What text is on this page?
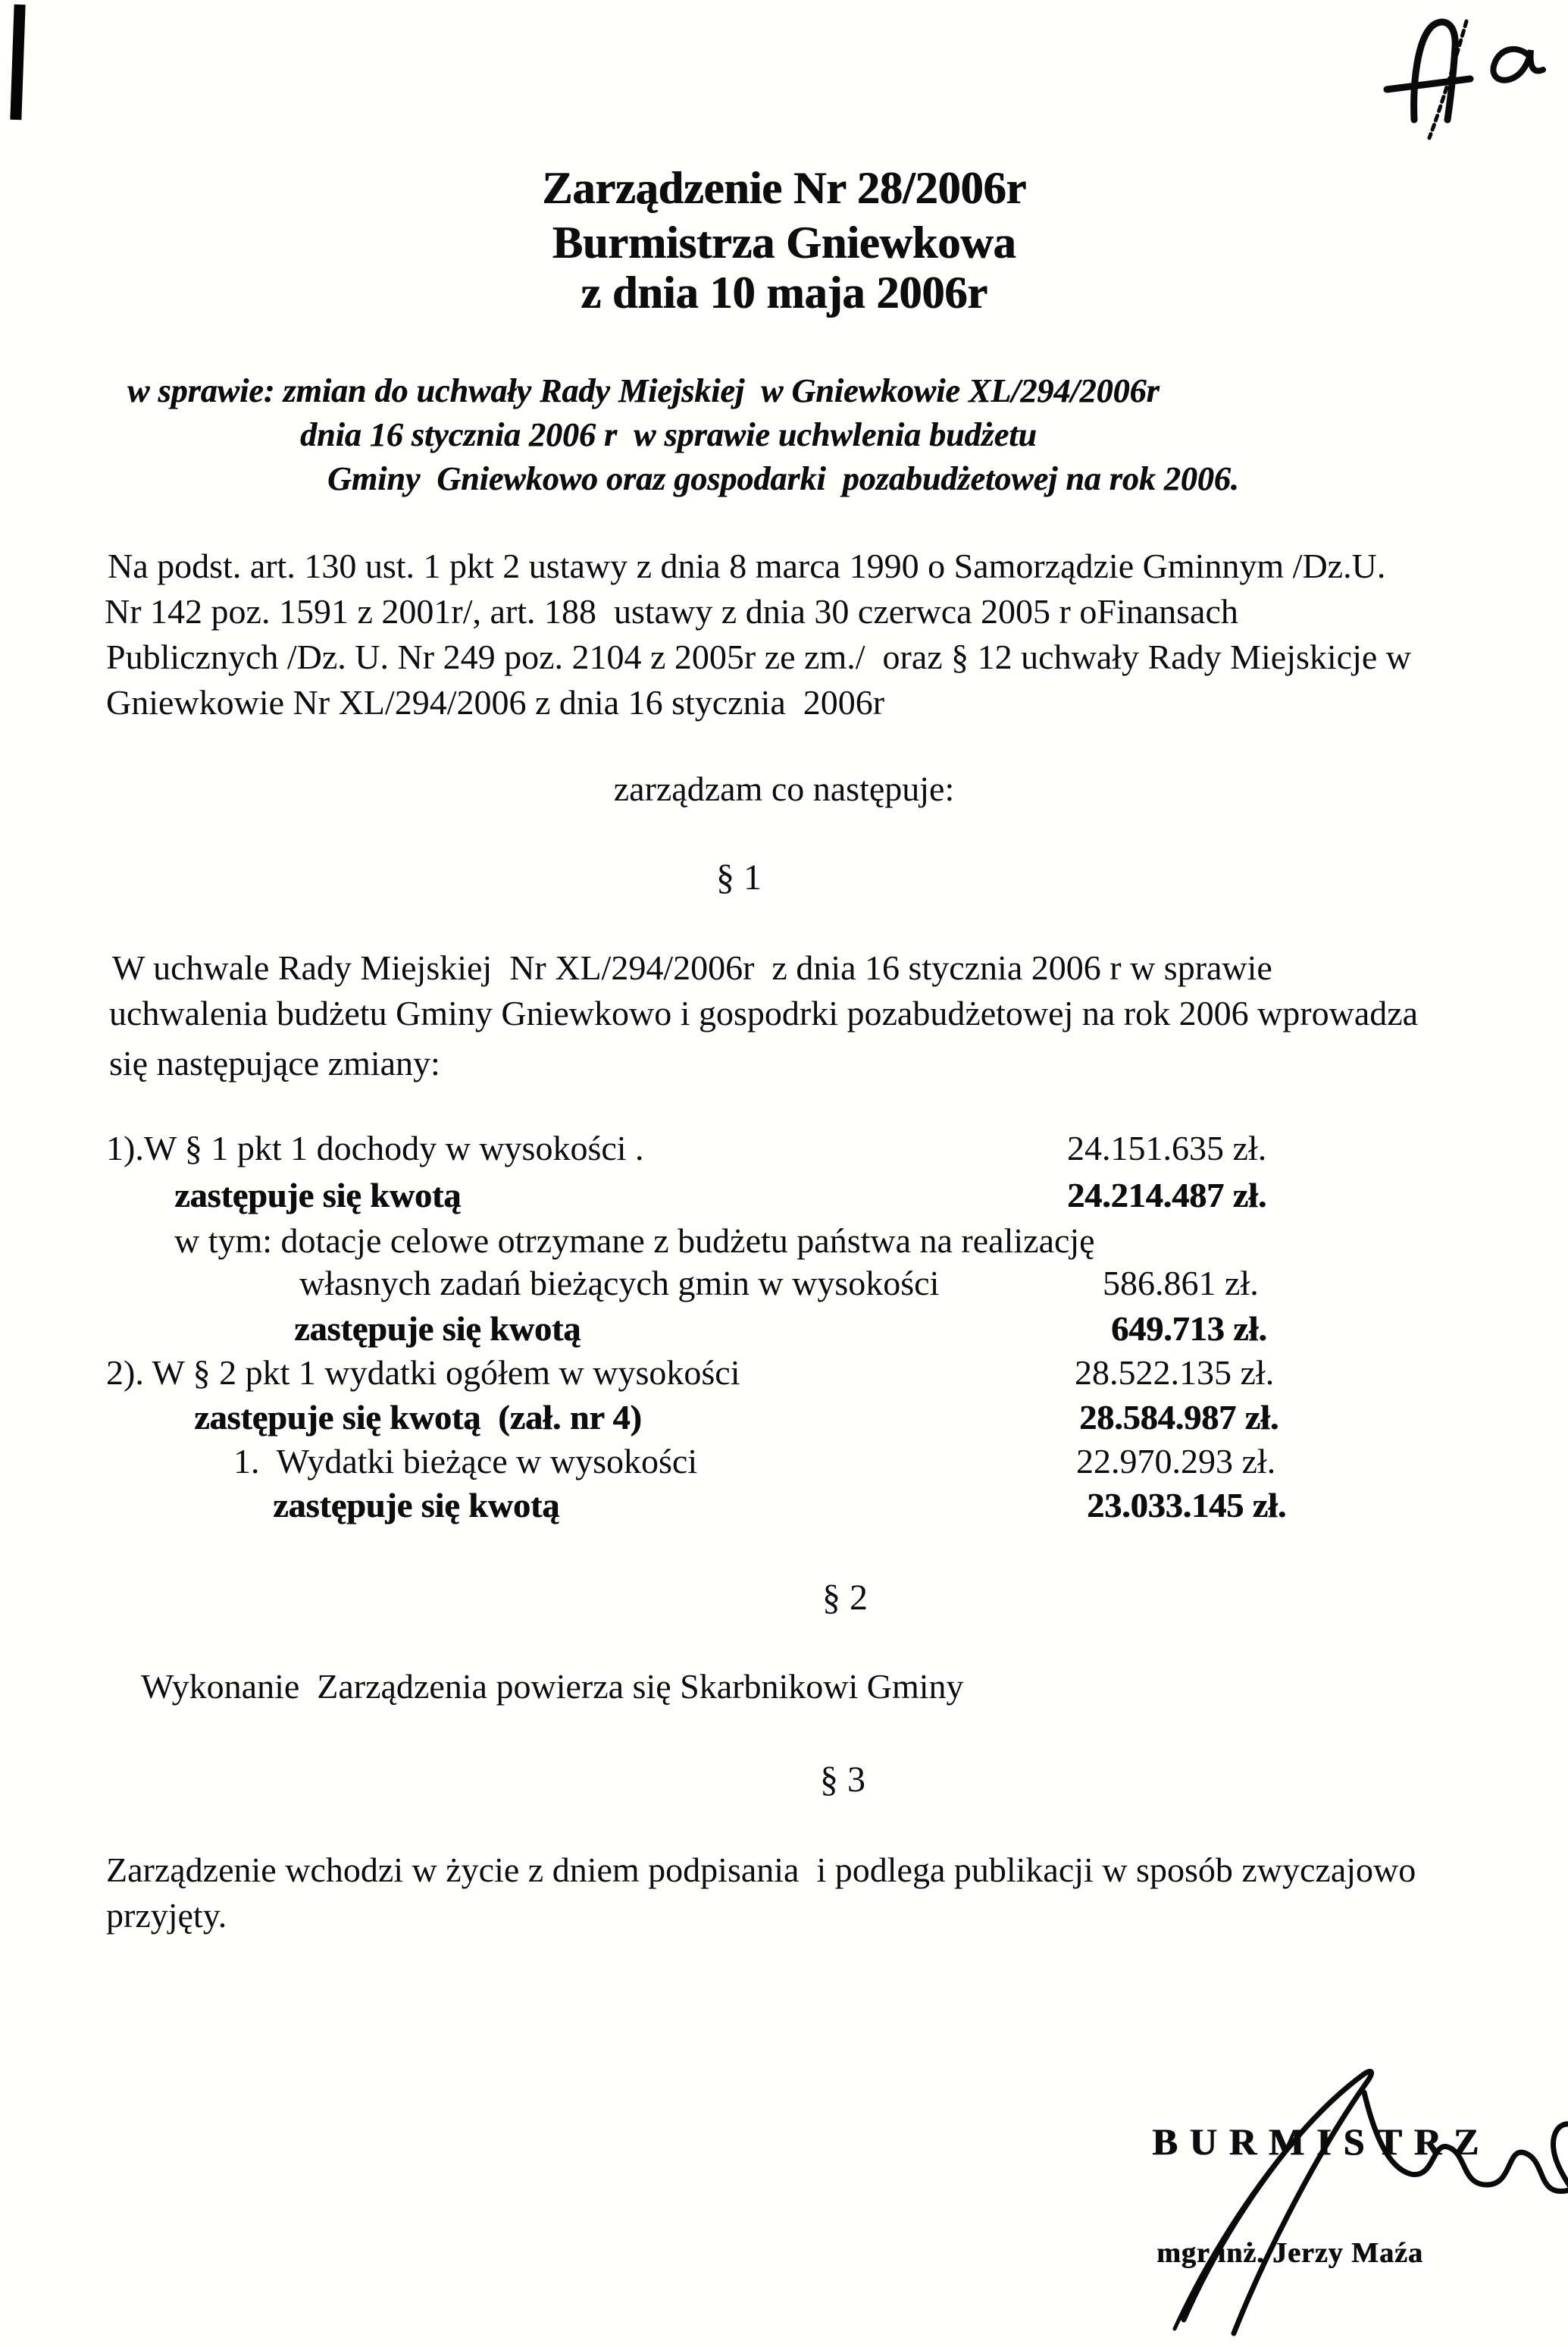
Zarządzenie Nr 28/2006r
Burmistrza Gniewkowa
z dnia 10 maja 2006r
w sprawie: zmian do uchwały Rady Miejskiej  w Gniewkowie XL/294/2006r
dnia 16 stycznia 2006 r  w sprawie uchwlenia budżetu
Gminy  Gniewkowo oraz gospodarki  pozabudżetowej na rok 2006.
Na podst. art. 130 ust. 1 pkt 2 ustawy z dnia 8 marca 1990 o Samorządzie Gminnym /Dz.U.
Nr 142 poz. 1591 z 2001r/, art. 188  ustawy z dnia 30 czerwca 2005 r oFinansach
Publicznych /Dz. U. Nr 249 poz. 2104 z 2005r ze zm./  oraz § 12 uchwały Rady Miejskicje w
Gniewkowie Nr XL/294/2006 z dnia 16 stycznia  2006r
zarządzam co następuje:
§ 1
W uchwale Rady Miejskiej  Nr XL/294/2006r  z dnia 16 stycznia 2006 r w sprawie
uchwalenia budżetu Gminy Gniewkowo i gospodrki pozabudżetowej na rok 2006 wprowadza
się następujące zmiany:
1).W § 1 pkt 1 dochody w wysokości .	24.151.635 zł.
zastępuje się kwotą	24.214.487 zł.
w tym: dotacje celowe otrzymane z budżetu państwa na realizację
własnych zadań bieżących gmin w wysokości	586.861 zł.
zastępuje się kwotą	649.713 zł.
2). W § 2 pkt 1 wydatki ogółem w wysokości	28.522.135 zł.
zastępuje się kwotą  (zał. nr 4)	28.584.987 zł.
1.  Wydatki bieżące w wysokości	22.970.293 zł.
zastępuje się kwotą	23.033.145 zł.
§ 2
Wykonanie  Zarządzenia powierza się Skarbnikowi Gminy
§ 3
Zarządzenie wchodzi w życie z dniem podpisania  i podlega publikacji w sposób zwyczajowo
przyjęty.
BURMISTRZ
mgr inż. Jerzy Maźa
